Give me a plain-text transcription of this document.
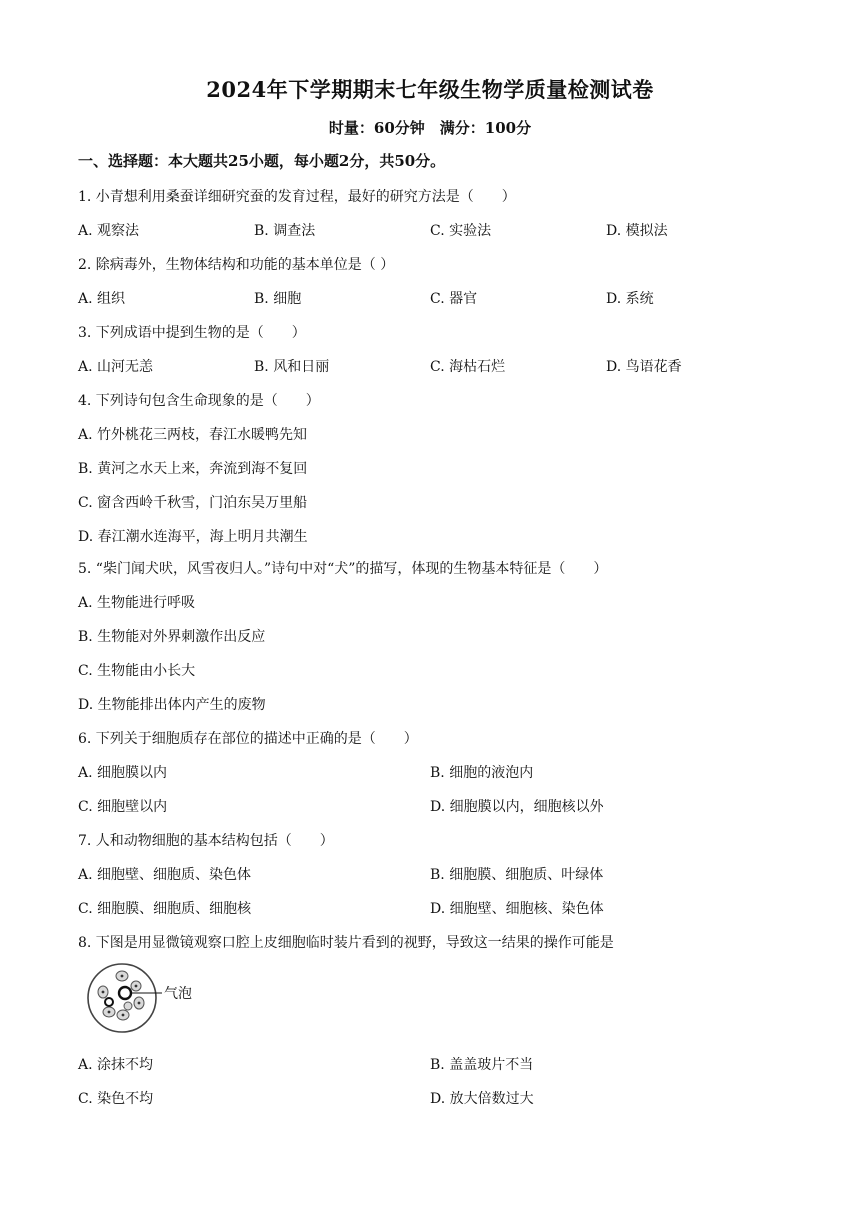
2024年下学期期末七年级生物学质量检测试卷
时量：60分钟　满分：100分
一、选择题：本大题共25小题，每小题2分，共50分。
1. 小青想利用桑蚕详细研究蚕的发育过程，最好的研究方法是（　　）
A. 观察法	B. 调查法	C. 实验法	D. 模拟法
2. 除病毒外，生物体结构和功能的基本单位是（ ）
A. 组织	B. 细胞	C. 器官	D. 系统
3. 下列成语中提到生物的是（　　）
A. 山河无恙	B. 风和日丽	C. 海枯石烂	D. 鸟语花香
4. 下列诗句包含生命现象的是（　　）
A. 竹外桃花三两枝，春江水暖鸭先知
B. 黄河之水天上来，奔流到海不复回
C. 窗含西岭千秋雪，门泊东吴万里船
D. 春江潮水连海平，海上明月共潮生
5. “柴门闻犬吠，风雪夜归人。”诗句中对“犬”的描写，体现的生物基本特征是（　　）
A. 生物能进行呼吸
B. 生物能对外界刺激作出反应
C. 生物能由小长大
D. 生物能排出体内产生的废物
6. 下列关于细胞质存在部位的描述中正确的是（　　）
A. 细胞膜以内	B. 细胞的液泡内
C. 细胞壁以内	D. 细胞膜以内，细胞核以外
7. 人和动物细胞的基本结构包括（　　）
A. 细胞壁、细胞质、染色体	B. 细胞膜、细胞质、叶绿体
C. 细胞膜、细胞质、细胞核	D. 细胞壁、细胞核、染色体
8. 下图是用显微镜观察口腔上皮细胞临时装片看到的视野，导致这一结果的操作可能是
气泡
A. 涂抹不均	B. 盖盖玻片不当
C. 染色不均	D. 放大倍数过大
